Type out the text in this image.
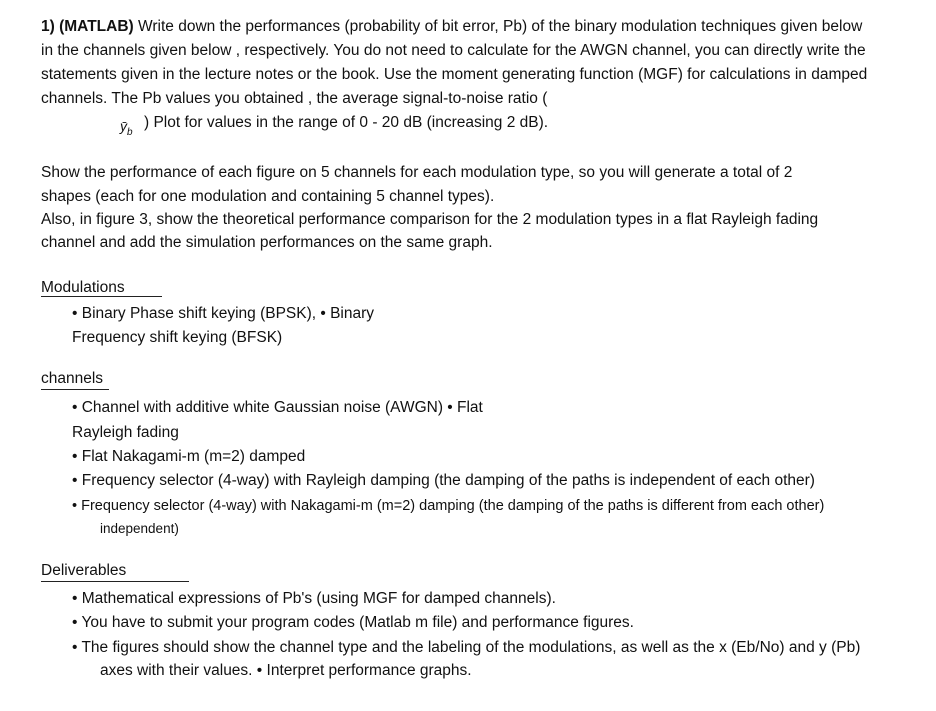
1) (MATLAB) Write down the performances (probability of bit error, Pb) of the binary modulation techniques given below
in the channels given below , respectively. You do not need to calculate for the AWGN channel, you can directly write the
statements given in the lecture notes or the book. Use the moment generating function (MGF) for calculations in damped
channels. The Pb values you obtained , the average signal-to-noise ratio (
$ȳ_b$
) Plot for values in the range of 0 - 20 dB (increasing 2 dB).
Show the performance of each figure on 5 channels for each modulation type, so you will generate a total of 2
shapes (each for one modulation and containing 5 channel types).
Also, in figure 3, show the theoretical performance comparison for the 2 modulation types in a flat Rayleigh fading
channel and add the simulation performances on the same graph.
Modulations
• Binary Phase shift keying (BPSK), • Binary
Frequency shift keying (BFSK)
channels
• Channel with additive white Gaussian noise (AWGN) • Flat
Rayleigh fading
• Flat Nakagami-m (m=2) damped
• Frequency selector (4-way) with Rayleigh damping (the damping of the paths is independent of each other)
• Frequency selector (4-way) with Nakagami-m (m=2) damping (the damping of the paths is different from each other)
independent)
Deliverables
• Mathematical expressions of Pb's (using MGF for damped channels).
• You have to submit your program codes (Matlab m file) and performance figures.
• The figures should show the channel type and the labeling of the modulations, as well as the x (Eb/No) and y (Pb)
axes with their values. • Interpret performance graphs.
